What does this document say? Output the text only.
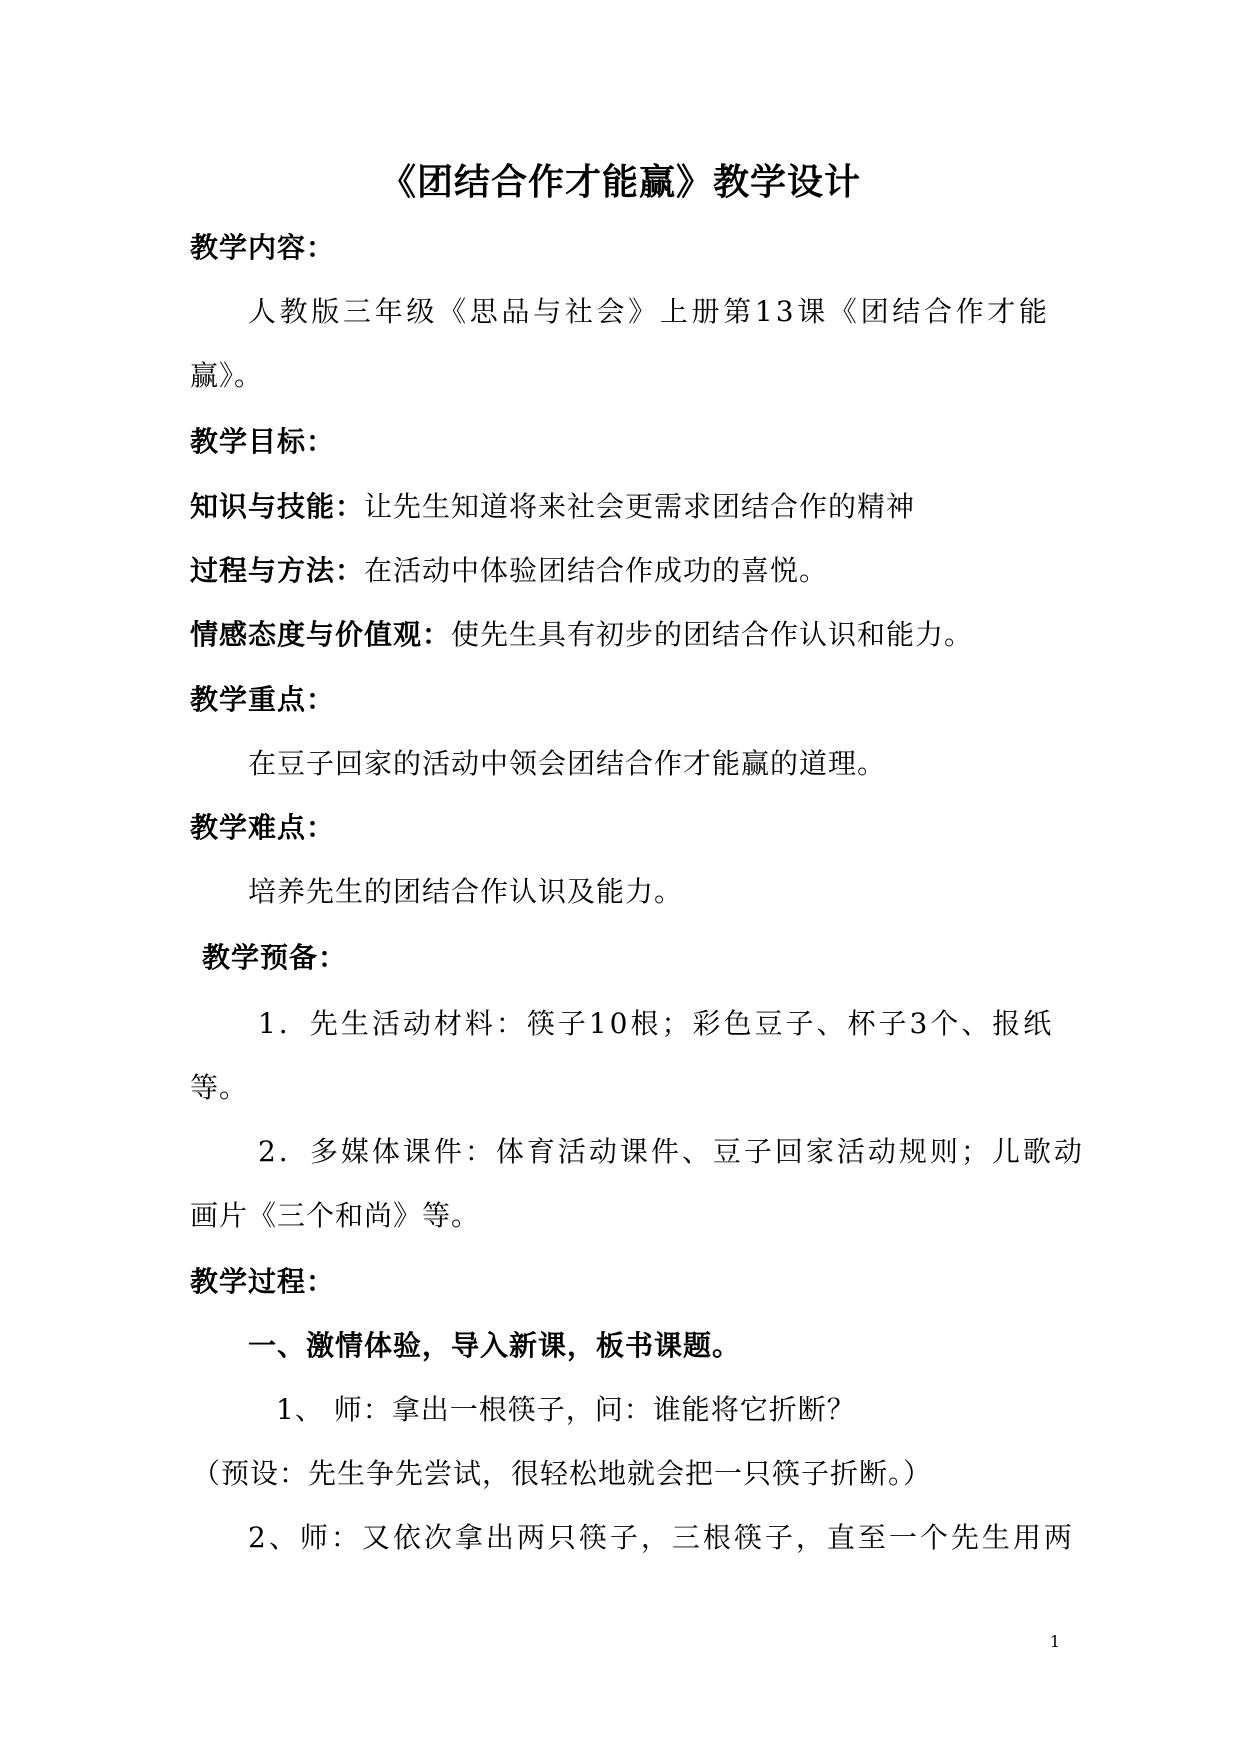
《团结合作才能赢》教学设计
教学内容：
人教版三年级《思品与社会》上册第13课《团结合作才能
赢》。
教学目标：
知识与技能：让先生知道将来社会更需求团结合作的精神
过程与方法：在活动中体验团结合作成功的喜悦。
情感态度与价值观：使先生具有初步的团结合作认识和能力。
教学重点：
在豆子回家的活动中领会团结合作才能赢的道理。
教学难点：
培养先生的团结合作认识及能力。
教学预备：
1．先生活动材料：筷子10根；彩色豆子、杯子3个、报纸
等。
2．多媒体课件：体育活动课件、豆子回家活动规则；儿歌动
画片《三个和尚》等。
教学过程：
一、激情体验，导入新课，板书课题。
1、 师：拿出一根筷子，问：谁能将它折断？
（预设：先生争先尝试，很轻松地就会把一只筷子折断。）
2、师：又依次拿出两只筷子，三根筷子，直至一个先生用两
1
